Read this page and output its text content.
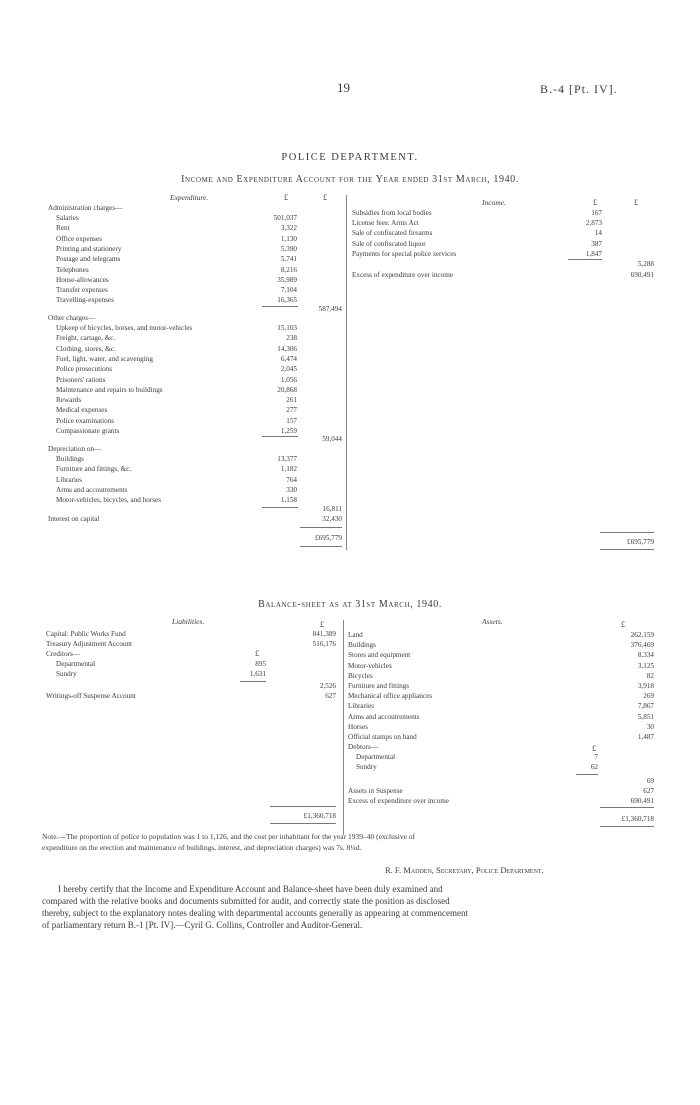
19	B.-4 [Pt. IV].
POLICE DEPARTMENT.
Income and Expenditure Account for the Year ended 31st March, 1940.
Expenditure.	£	£
Administration charges—
Salaries	501,037
Rent	3,322
Office expenses	1,130
Printing and stationery	5,390
Postage and telegrams	5,741
Telephones	8,216
House-allowances	35,989
Transfer expenses	7,104
Travelling-expenses	16,365
587,494
Other charges—
Upkeep of bicycles, horses, and motor-vehicles	15,103
Freight, cartage, &c.	238
Clothing, stores, &c.	14,306
Fuel, light, water, and scavenging	6,474
Police prosecutions	2,045
Prisoners' rations	1,056
Maintenance and repairs to buildings	20,868
Rewards	261
Medical expenses	277
Police examinations	157
Compassionate grants	1,259
59,044
Depreciation on—
Buildings	13,377
Furniture and fittings, &c.	1,182
Libraries	764
Arms and accoutrements	330
Motor-vehicles, bicycles, and horses	1,158
16,811
Interest on capital	32,430
£695,779
Income.	£	£
Subsidies from local bodies	167
License fees: Arms Act	2,873
Sale of confiscated firearms	14
Sale of confiscated liquor	387
Payments for special police services	1,847
5,288
Excess of expenditure over income	690,491
£695,779
Balance-sheet as at 31st March, 1940.
Liabilities.	£
Capital: Public Works Fund	841,389
Treasury Adjustment Account	516,176
Creditors—	£
Departmental	895
Sundry	1,631
2,526
Writings-off Suspense Account	627
£1,360,718
Assets.	£
Land	262,159
Buildings	376,469
Stores and equipment	8,334
Motor-vehicles	3,125
Bicycles	82
Furniture and fittings	3,918
Mechanical office appliances	269
Libraries	7,867
Arms and accoutrements	5,851
Horses	30
Official stamps on hand	1,487
Debtors—	£
Departmental	7
Sundry	62
69
Assets in Suspense	627
Excess of expenditure over income	690,491
£1,360,718
Note.—The proportion of police to population was 1 to 1,126, and the cost per inhabitant for the year 1939–40 (exclusive of
expenditure on the erection and maintenance of buildings, interest, and depreciation charges) was 7s. 8¼d.
R. F. Madden, Secretary, Police Department.
I hereby certify that the Income and Expenditure Account and Balance-sheet have been duly examined and
compared with the relative books and documents submitted for audit, and correctly state the position as disclosed
thereby, subject to the explanatory notes dealing with departmental accounts generally as appearing at commencement
of parliamentary return B.-1 [Pt. IV].—Cyril G. Collins, Controller and Auditor-General.
